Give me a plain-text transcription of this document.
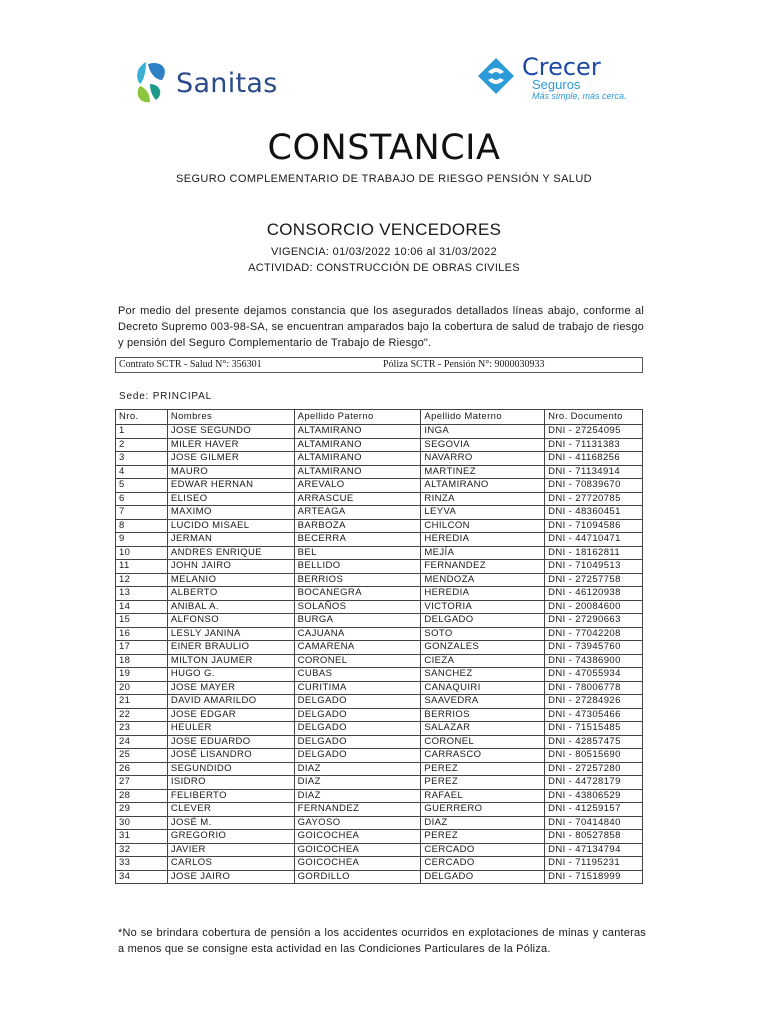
Sanitas
Crecer
Seguros
Más simple, más cerca.
CONSTANCIA
SEGURO COMPLEMENTARIO DE TRABAJO DE RIESGO PENSIÓN Y SALUD
CONSORCIO VENCEDORES
VIGENCIA: 01/03/2022 10:06 al 31/03/2022
ACTIVIDAD: CONSTRUCCIÓN DE OBRAS CIVILES
Por medio del presente dejamos constancia que los asegurados detallados líneas abajo, conforme al Decreto Supremo 003-98-SA, se encuentran amparados bajo la cobertura de salud de trabajo de riesgo y pensión del Seguro Complementario de Trabajo de Riesgo".
Contrato SCTR - Salud N°: 356301	Póliza SCTR - Pensión N°: 9000030933
Sede: PRINCIPAL
Nro.	Nombres	Apellido Paterno	Apellido Materno	Nro. Documento
1	JOSE SEGUNDO	ALTAMIRANO	INGA	DNI - 27254095
2	MILER HAVER	ALTAMIRANO	SEGOVIA	DNI - 71131383
3	JOSE GILMER	ALTAMIRANO	NAVARRO	DNI - 41168256
4	MAURO	ALTAMIRANO	MARTINEZ	DNI - 71134914
5	EDWAR HERNAN	AREVALO	ALTAMIRANO	DNI - 70839670
6	ELISEO	ARRASCUE	RINZA	DNI - 27720785
7	MAXIMO	ARTEAGA	LEYVA	DNI - 48360451
8	LUCIDO MISAEL	BARBOZA	CHILCON	DNI - 71094586
9	JERMAN	BECERRA	HEREDIA	DNI - 44710471
10	ANDRES ENRIQUE	BEL	MEJÍA	DNI - 18162811
11	JOHN JAIRO	BELLIDO	FERNANDEZ	DNI - 71049513
12	MELANIO	BERRIOS	MENDOZA	DNI - 27257758
13	ALBERTO	BOCANEGRA	HEREDIA	DNI - 46120938
14	ANIBAL A.	SOLAÑOS	VICTORIA	DNI - 20084600
15	ALFONSO	BURGA	DELGADO	DNI - 27290663
16	LESLY JANINA	CAJUANA	SOTO	DNI - 77042208
17	EINER BRAULIO	CAMARENA	GONZALES	DNI - 73945760
18	MILTON JAUMER	CORONEL	CIEZA	DNI - 74386900
19	HUGO G.	CUBAS	SANCHEZ	DNI - 47055934
20	JOSE MAYER	CURITIMA	CANAQUIRI	DNI - 78006778
21	DAVID AMARILDO	DELGADO	SAAVEDRA	DNI - 27284926
22	JOSE EDGAR	DELGADO	BERRIOS	DNI - 47305466
23	HEULER	DELGADO	SALAZAR	DNI - 71515485
24	JOSE EDUARDO	DELGADO	CORONEL	DNI - 42857475
25	JOSÉ LISANDRO	DELGADO	CARRASCO	DNI - 80515690
26	SEGUNDIDO	DIAZ	PEREZ	DNI - 27257280
27	ISIDRO	DIAZ	PEREZ	DNI - 44728179
28	FELIBERTO	DIAZ	RAFAEL	DNI - 43806529
29	CLEVER	FERNANDEZ	GUERRERO	DNI - 41259157
30	JOSÉ M.	GAYOSO	DIAZ	DNI - 70414840
31	GREGORIO	GOICOCHEA	PEREZ	DNI - 80527858
32	JAVIER	GOICOCHEA	CERCADO	DNI - 47134794
33	CARLOS	GOICOCHEA	CERCADO	DNI - 71195231
34	JOSE JAIRO	GORDILLO	DELGADO	DNI - 71518999
*No se brindara cobertura de pensión a los accidentes ocurridos en explotaciones de minas y canteras a menos que se consigne esta actividad en las Condiciones Particulares de la Póliza.
